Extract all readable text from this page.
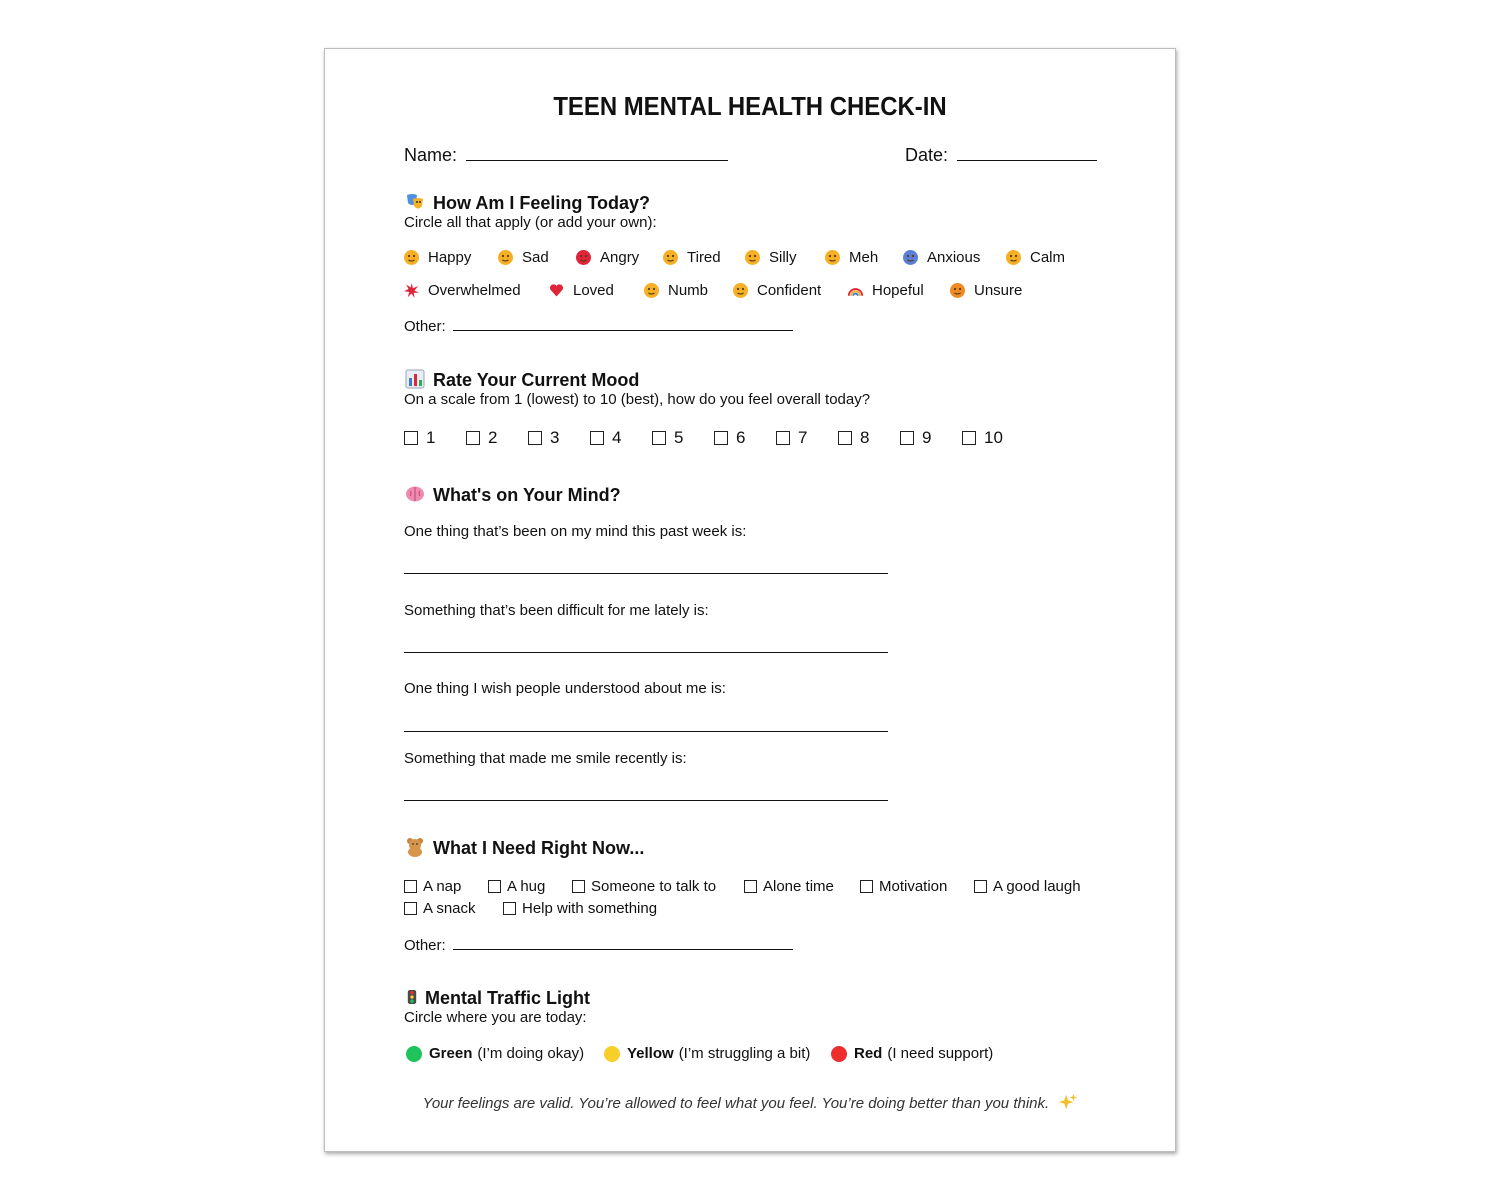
TEEN MENTAL HEALTH CHECK-IN
Name:	Date:
How Am I Feeling Today?
Circle all that apply (or add your own):
Happy	Sad	Angry	Tired	Silly	Meh	Anxious	Calm
Overwhelmed	Loved	Numb	Confident	Hopeful	Unsure
Other:
Rate Your Current Mood
On a scale from 1 (lowest) to 10 (best), how do you feel overall today?
1	2	3	4	5	6	7	8	9	10
What's on Your Mind?
One thing that’s been on my mind this past week is:
Something that’s been difficult for me lately is:
One thing I wish people understood about me is:
Something that made me smile recently is:
What I Need Right Now...
A nap	A hug	Someone to talk to	Alone time	Motivation	A good laugh
A snack	Help with something
Other:
Mental Traffic Light
Circle where you are today:
Green (I’m doing okay)	Yellow (I’m struggling a bit)	Red (I need support)
Your feelings are valid. You’re allowed to feel what you feel. You’re doing better than you think.
